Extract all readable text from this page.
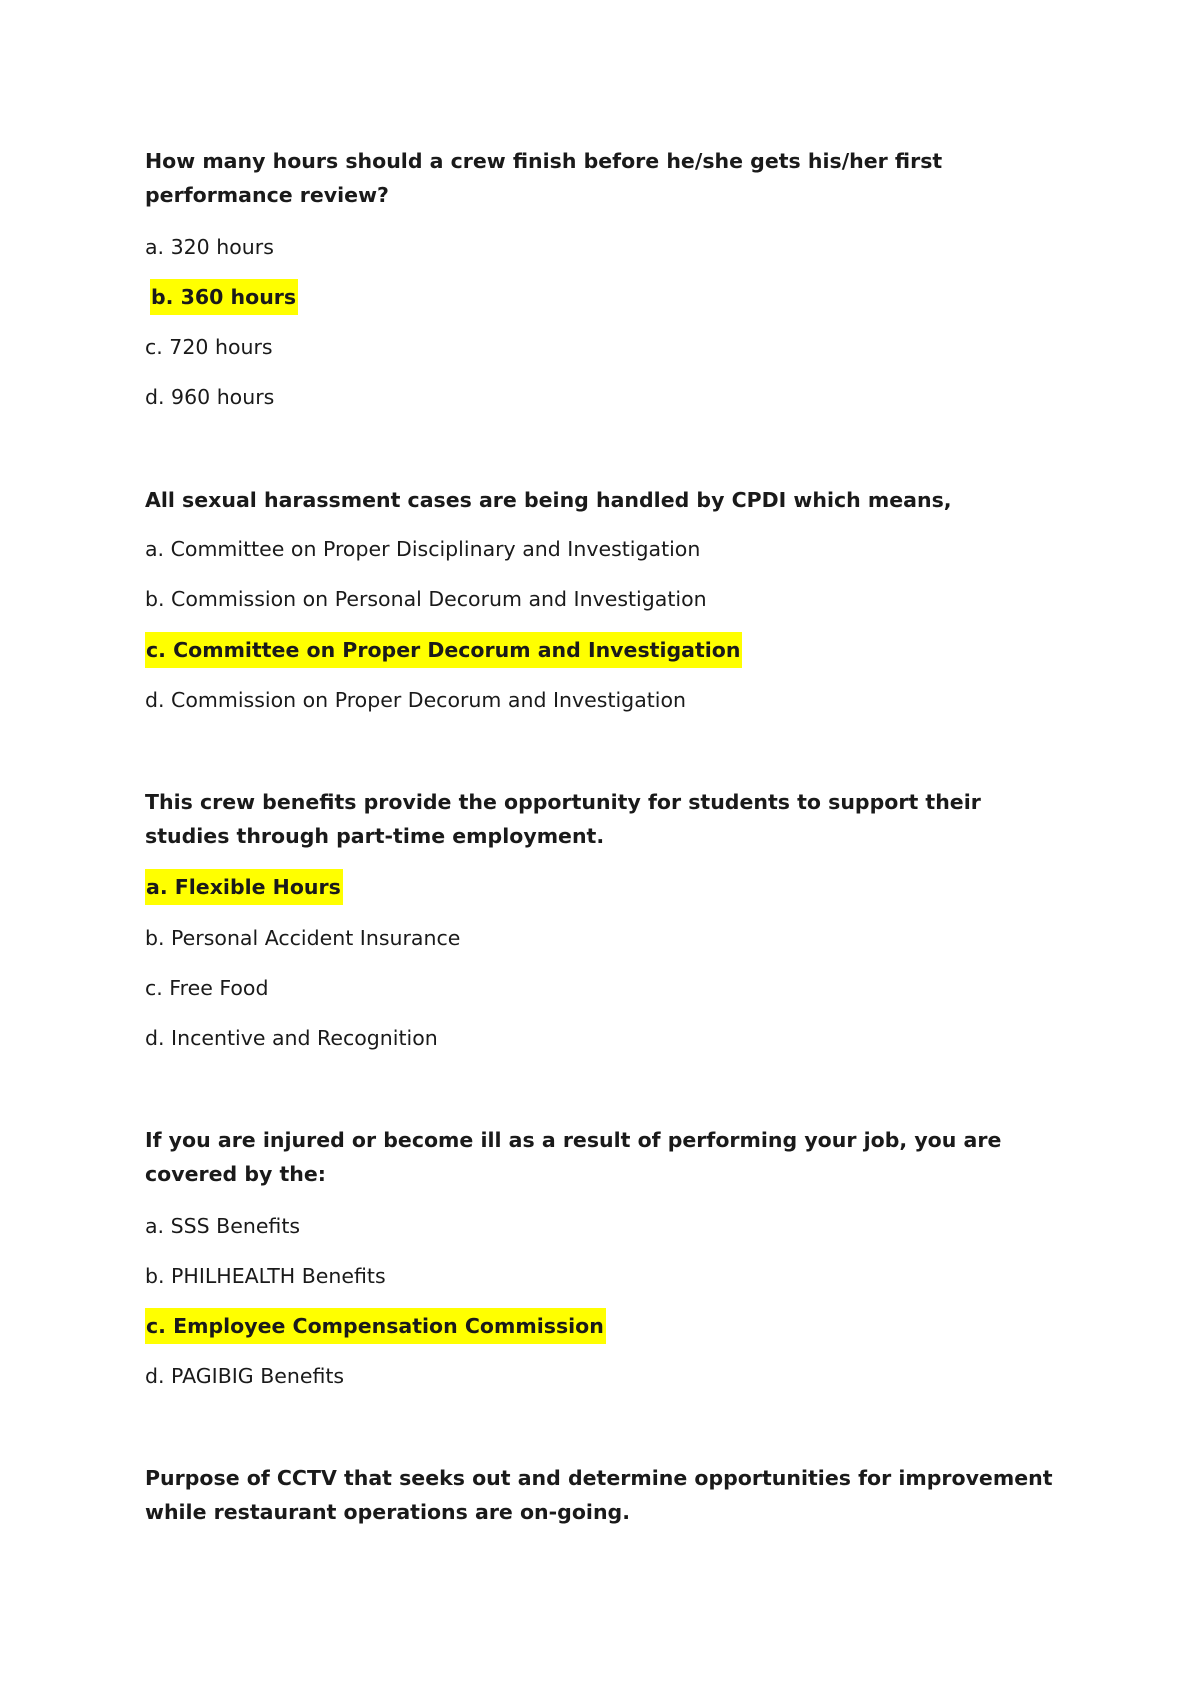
How many hours should a crew finish before he/she gets his/her first performance review?

a. 320 hours

b. 360 hours

c. 720 hours

d. 960 hours

All sexual harassment cases are being handled by CPDI which means,

a. Committee on Proper Disciplinary and Investigation

b. Commission on Personal Decorum and Investigation

c. Committee on Proper Decorum and Investigation

d. Commission on Proper Decorum and Investigation

This crew benefits provide the opportunity for students to support their studies through part-time employment.

a. Flexible Hours

b. Personal Accident Insurance

c. Free Food

d. Incentive and Recognition

If you are injured or become ill as a result of performing your job, you are covered by the:

a. SSS Benefits

b. PHILHEALTH Benefits

c. Employee Compensation Commission

d. PAGIBIG Benefits

Purpose of CCTV that seeks out and determine opportunities for improvement while restaurant operations are on-going.
